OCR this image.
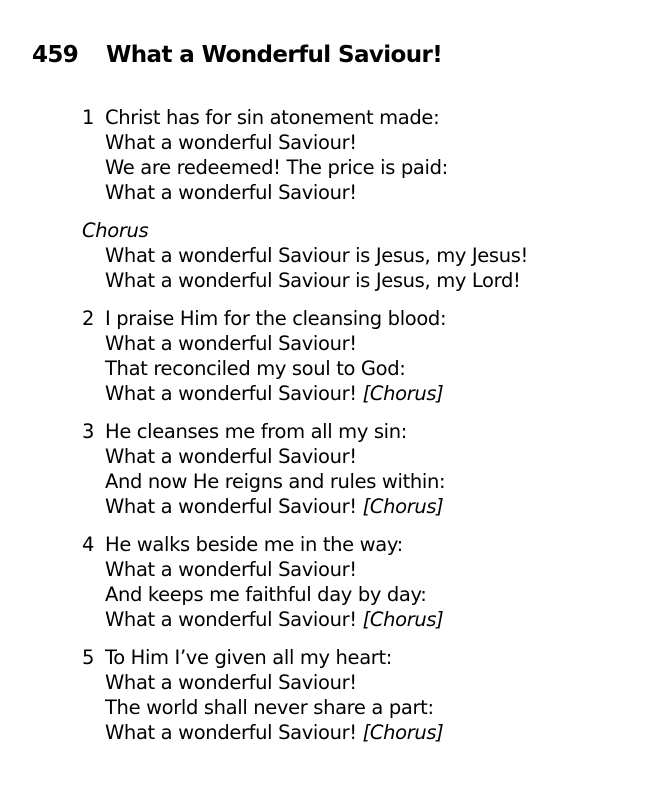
459 What a Wonderful Saviour!
1 Christ has for sin atonement made:
What a wonderful Saviour!
We are redeemed! The price is paid:
What a wonderful Saviour!
Chorus
What a wonderful Saviour is Jesus, my Jesus!
What a wonderful Saviour is Jesus, my Lord!
2 I praise Him for the cleansing blood:
What a wonderful Saviour!
That reconciled my soul to God:
What a wonderful Saviour! [Chorus]
3 He cleanses me from all my sin:
What a wonderful Saviour!
And now He reigns and rules within:
What a wonderful Saviour! [Chorus]
4 He walks beside me in the way:
What a wonderful Saviour!
And keeps me faithful day by day:
What a wonderful Saviour! [Chorus]
5 To Him I’ve given all my heart:
What a wonderful Saviour!
The world shall never share a part:
What a wonderful Saviour! [Chorus]
